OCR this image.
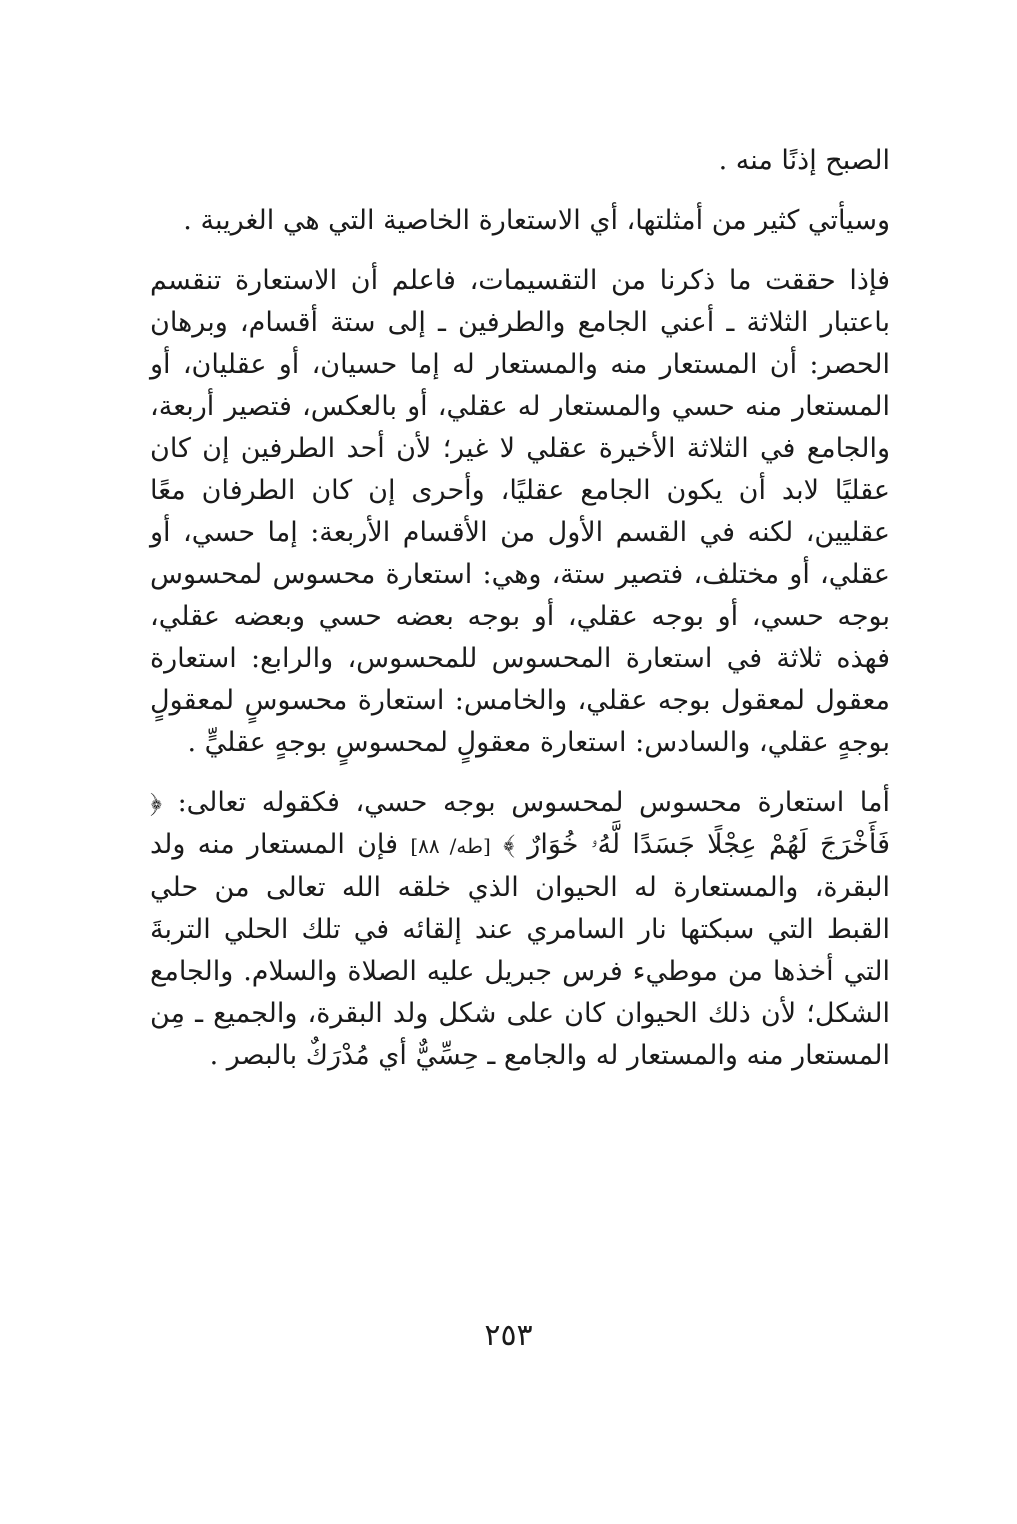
الصبح إذنًا منه .

وسيأتي كثير من أمثلتها، أي الاستعارة الخاصية التي هي الغريبة .

فإذا حققت ما ذكرنا من التقسيمات، فاعلم أن الاستعارة تنقسم باعتبار الثلاثة ـ أعني الجامع والطرفين ـ إلى ستة أقسام، وبرهان الحصر: أن المستعار منه والمستعار له إما حسيان، أو عقليان، أو المستعار منه حسي والمستعار له عقلي، أو بالعكس، فتصير أربعة، والجامع في الثلاثة الأخيرة عقلي لا غير؛ لأن أحد الطرفين إن كان عقليًا لابد أن يكون الجامع عقليًا، وأحرى إن كان الطرفان معًا عقليين، لكنه في القسم الأول من الأقسام الأربعة: إما حسي، أو عقلي، أو مختلف، فتصير ستة، وهي: استعارة محسوس لمحسوس بوجه حسي، أو بوجه عقلي، أو بوجه بعضه حسي وبعضه عقلي، فهذه ثلاثة في استعارة المحسوس للمحسوس، والرابع: استعارة معقول لمعقول بوجه عقلي، والخامس: استعارة محسوسٍ لمعقولٍ بوجهٍ عقلي، والسادس: استعارة معقولٍ لمحسوسٍ بوجهٍ عقليٍّ .

أما استعارة محسوس لمحسوس بوجه حسي، فكقوله تعالى: ﴿ فَأَخْرَجَ لَهُمْ عِجْلًا جَسَدًا لَّهُۥ خُوَارٌ ﴾ [طه/ ٨٨] فإن المستعار منه ولد البقرة، والمستعارة له الحيوان الذي خلقه الله تعالى من حلي القبط التي سبكتها نار السامري عند إلقائه في تلك الحلي التربةَ التي أخذها من موطيء فرس جبريل عليه الصلاة والسلام. والجامع الشكل؛ لأن ذلك الحيوان كان على شكل ولد البقرة، والجميع ـ مِن المستعار منه والمستعار له والجامع ـ حِسِّيٌّ أي مُدْرَكٌ بالبصر .

٢٥٣
